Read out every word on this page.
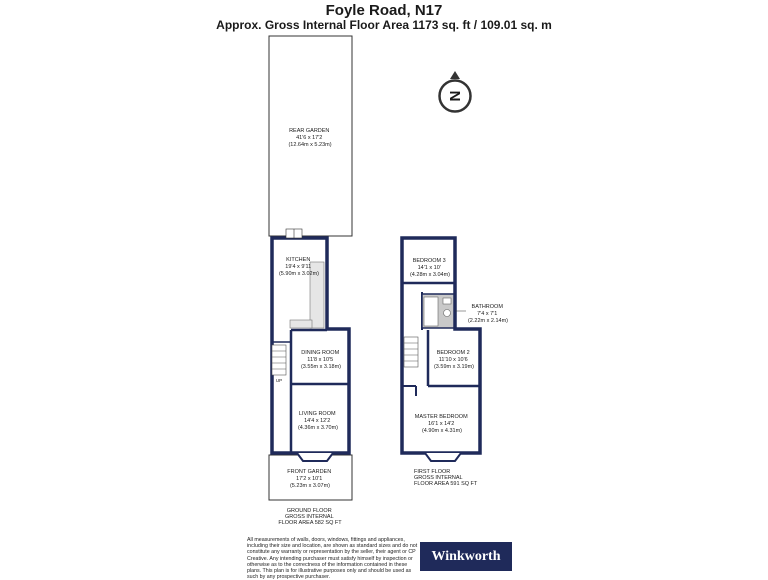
Foyle Road, N17
Approx. Gross Internal Floor Area 1173 sq. ft / 109.01 sq. m
N
UP
REAR GARDEN 41'6 x 17'2 (12.64m x 5.23m)
KITCHEN 19'4 x 9'11 (5.90m x 3.02m)
DINING ROOM 11'8 x 10'5 (3.55m x 3.18m)
LIVING ROOM 14'4 x 12'2 (4.36m x 3.70m)
FRONT GARDEN 17'2 x 10'1 (5.23m x 3.07m)
GROUND FLOOR GROSS INTERNAL FLOOR AREA 582 SQ FT
BEDROOM 3 14'1 x 10' (4.28m x 3.04m)
BATHROOM 7'4 x 7'1 (2.22m x 2.14m)
BEDROOM 2 11'10 x 10'6 (3.59m x 3.19m)
MASTER BEDROOM 16'1 x 14'2 (4.90m x 4.31m)
FIRST FLOOR GROSS INTERNAL FLOOR AREA 591 SQ FT
All measurements of walls, doors, windows, fittings and appliances, including their size and location, are shown as standard sizes and do not constitute any warranty or representation by the seller, their agent or CP Creative. Any intending purchaser must satisfy himself by inspection or otherwise as to the correctness of the information contained in these plans. This plan is for illustrative purposes only and should be used as such by any prospective purchaser.
Winkworth
